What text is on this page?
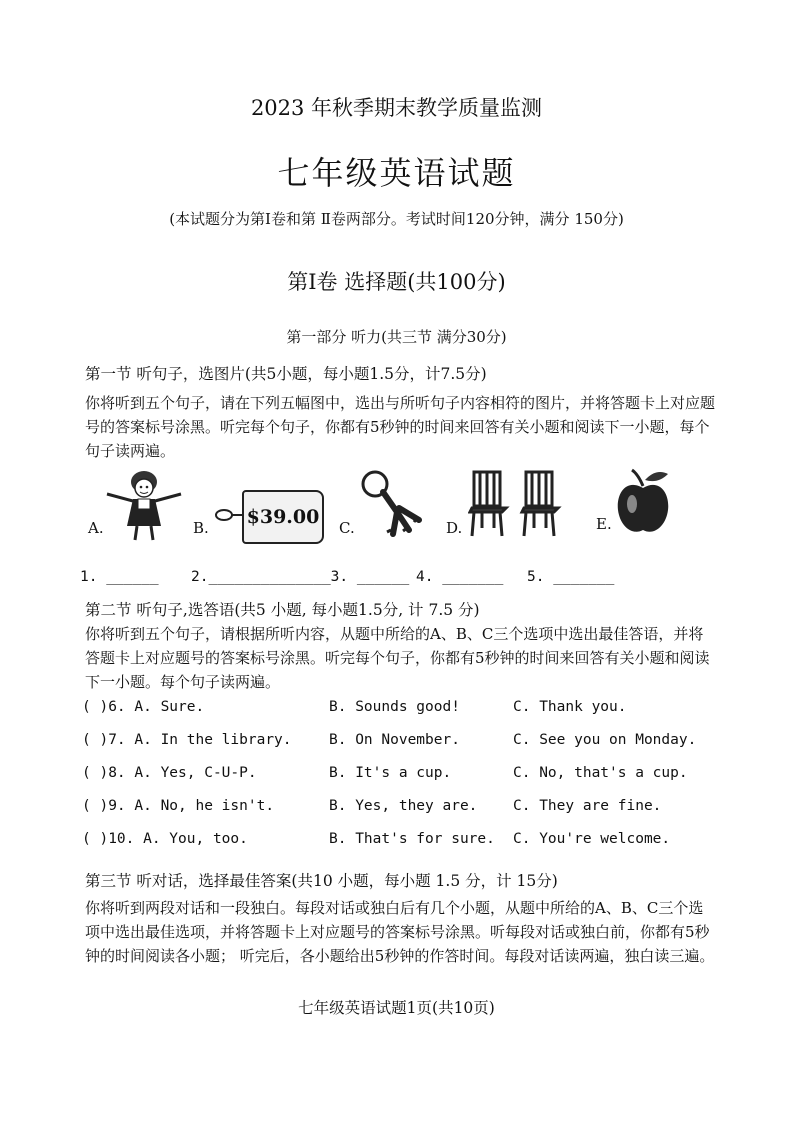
2023 年秋季期末教学质量监测
七年级英语试题
(本试题分为第Ⅰ卷和第 Ⅱ卷两部分。考试时间120分钟，满分 150分)
第Ⅰ卷 选择题(共100分)
第一部分 听力(共三节 满分30分)
第一节 听句子，选图片(共5小题，每小题1.5分，计7.5分)
你将听到五个句子，请在下列五幅图中，选出与所听句子内容相符的图片，并将答题卡上对应题号的答案标号涂黑。听完每个句子，你都有5秒钟的时间来回答有关小题和阅读下一小题，每个句子读两遍。
A.	B. $39.00 C.	D.	E.
1. ______ 2.______________3. ______ 4. _______ 5. _______
第二节 听句子,选答语(共5 小题, 每小题1.5分, 计 7.5 分)
你将听到五个句子，请根据所听内容，从题中所给的A、B、C三个选项中选出最佳答语，并将答题卡上对应题号的答案标号涂黑。听完每个句子，你都有5秒钟的时间来回答有关小题和阅读下一小题。每个句子读两遍。
( )6. A. Sure.	B. Sounds good!	C. Thank you.
( )7. A. In the library.	B. On November.	C. See you on Monday.
( )8. A. Yes, C-U-P.	B. It's a cup.	C. No, that's a cup.
( )9. A. No, he isn't.	B. Yes, they are. C. They are fine.
( )10. A. You, too.	B. That's for sure. C. You're welcome.
第三节 听对话，选择最佳答案(共10 小题，每小题 1.5 分，计 15分)
你将听到两段对话和一段独白。每段对话或独白后有几个小题，从题中所给的A、B、C三个选项中选出最佳选项，并将答题卡上对应题号的答案标号涂黑。听每段对话或独白前，你都有5秒钟的时间阅读各小题； 听完后，各小题给出5秒钟的作答时间。每段对话读两遍，独白读三遍。
七年级英语试题1页(共10页)
